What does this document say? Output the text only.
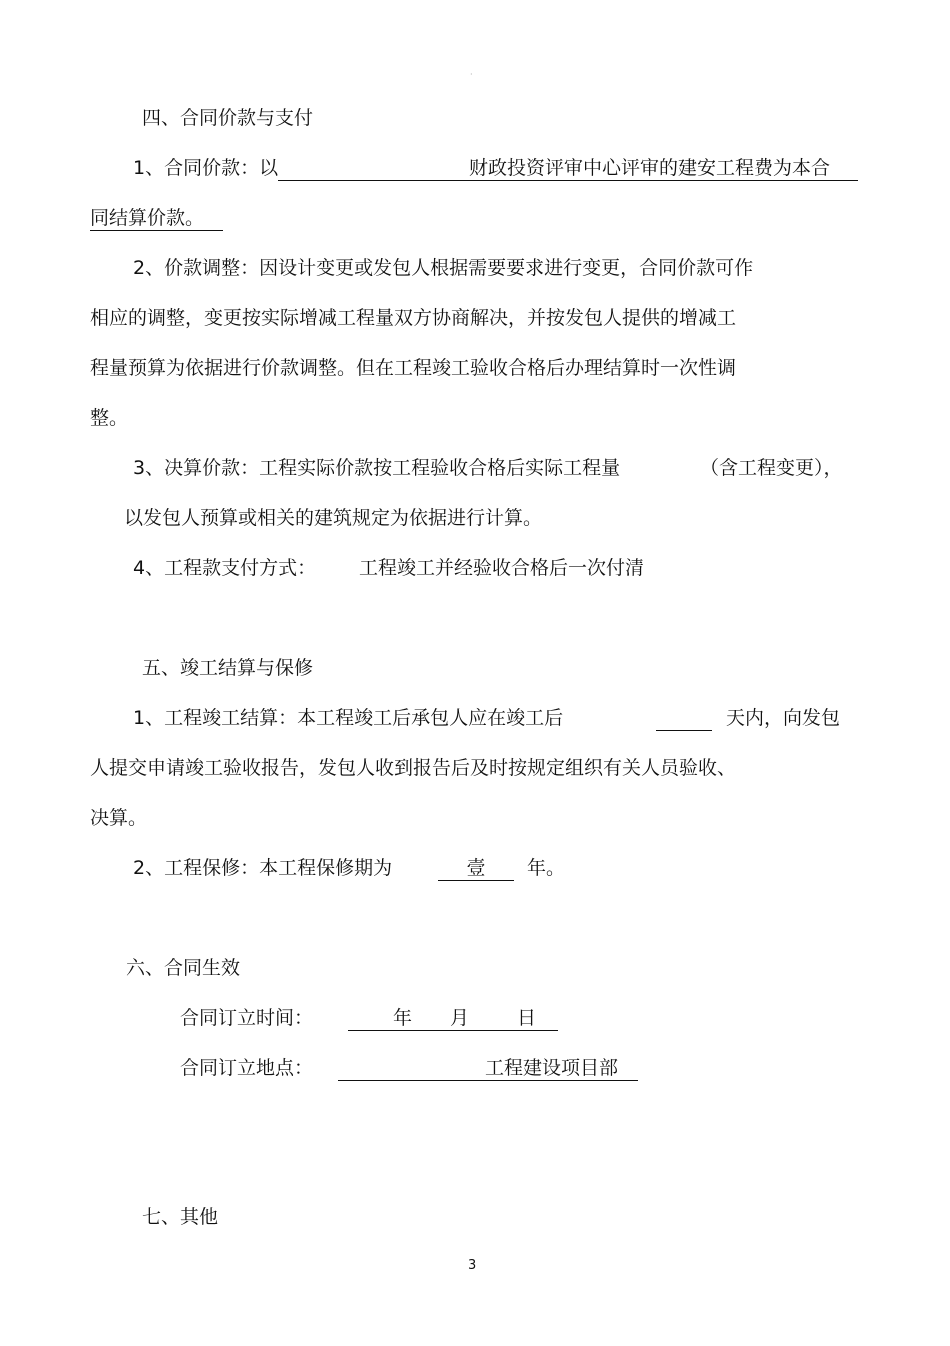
·
四、合同价款与支付
1、合同价款：以	财政投资评审中心评审的建安工程费为本合
同结算价款。
2、价款调整：因设计变更或发包人根据需要要求进行变更，合同价款可作
相应的调整，变更按实际增减工程量双方协商解决，并按发包人提供的增减工
程量预算为依据进行价款调整。但在工程竣工验收合格后办理结算时一次性调
整。
3、决算价款：工程实际价款按工程验收合格后实际工程量	（含工程变更），
以发包人预算或相关的建筑规定为依据进行计算。
4、工程款支付方式： 工程竣工并经验收合格后一次付清
五、竣工结算与保修
1、工程竣工结算：本工程竣工后承包人应在竣工后	天内，向发包
人提交申请竣工验收报告，发包人收到报告后及时按规定组织有关人员验收、
决算。
2、工程保修：本工程保修期为	壹	年。
六、合同生效
合同订立时间：	年 月	日
合同订立地点：	工程建设项目部
七、其他
3
